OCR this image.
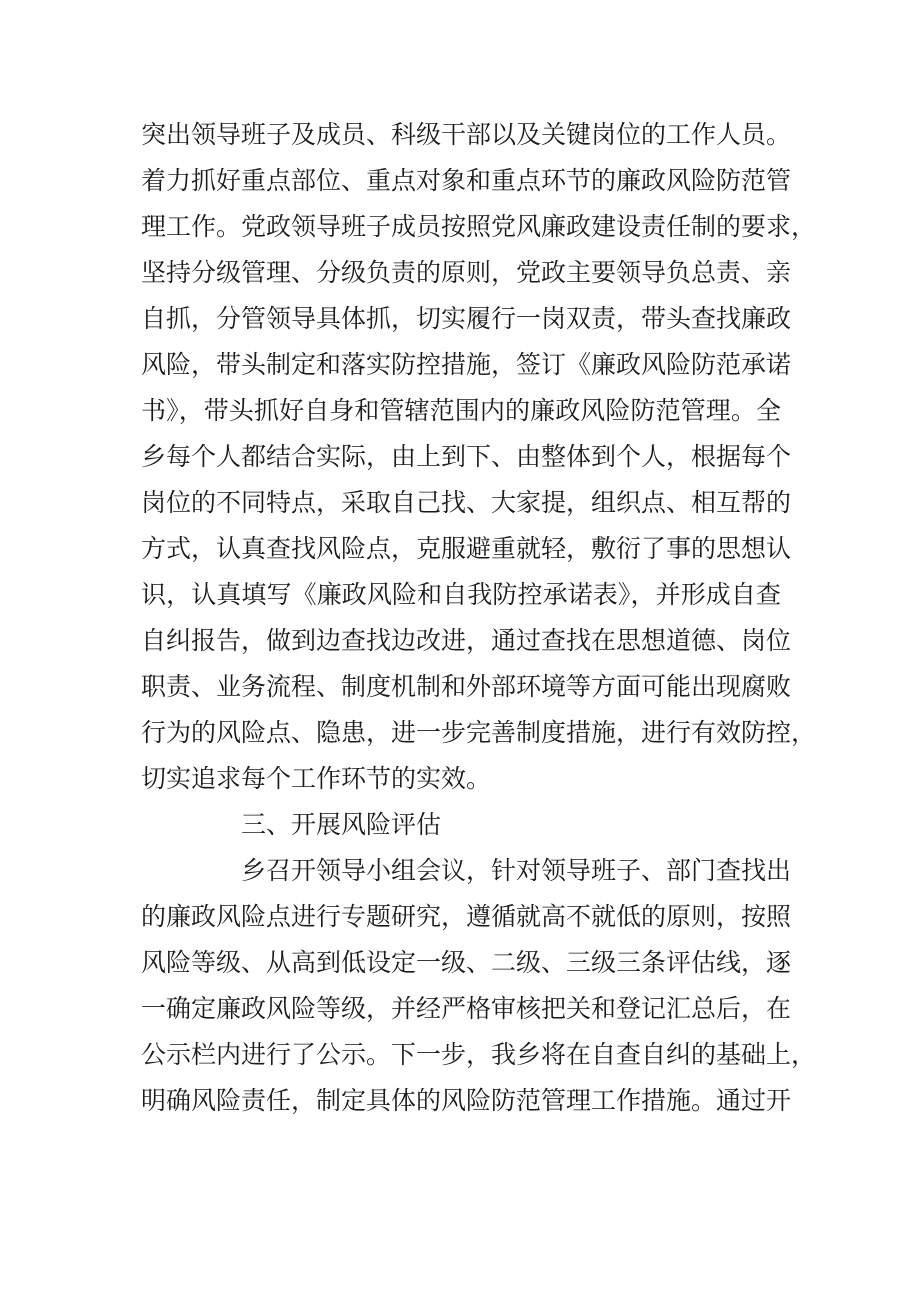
突出领导班子及成员、科级干部以及关键岗位的工作人员。
着力抓好重点部位、重点对象和重点环节的廉政风险防范管
理工作。党政领导班子成员按照党风廉政建设责任制的要求，
坚持分级管理、分级负责的原则，党政主要领导负总责、亲
自抓，分管领导具体抓，切实履行一岗双责，带头查找廉政
风险，带头制定和落实防控措施，签订《廉政风险防范承诺
书》，带头抓好自身和管辖范围内的廉政风险防范管理。全
乡每个人都结合实际，由上到下、由整体到个人，根据每个
岗位的不同特点，采取自己找、大家提，组织点、相互帮的
方式，认真查找风险点，克服避重就轻，敷衍了事的思想认
识，认真填写《廉政风险和自我防控承诺表》，并形成自查
自纠报告，做到边查找边改进，通过查找在思想道德、岗位
职责、业务流程、制度机制和外部环境等方面可能出现腐败
行为的风险点、隐患，进一步完善制度措施，进行有效防控，
切实追求每个工作环节的实效。
三、开展风险评估
乡召开领导小组会议，针对领导班子、部门查找出
的廉政风险点进行专题研究，遵循就高不就低的原则，按照
风险等级、从高到低设定一级、二级、三级三条评估线，逐
一确定廉政风险等级，并经严格审核把关和登记汇总后，在
公示栏内进行了公示。下一步，我乡将在自查自纠的基础上，
明确风险责任，制定具体的风险防范管理工作措施。通过开
